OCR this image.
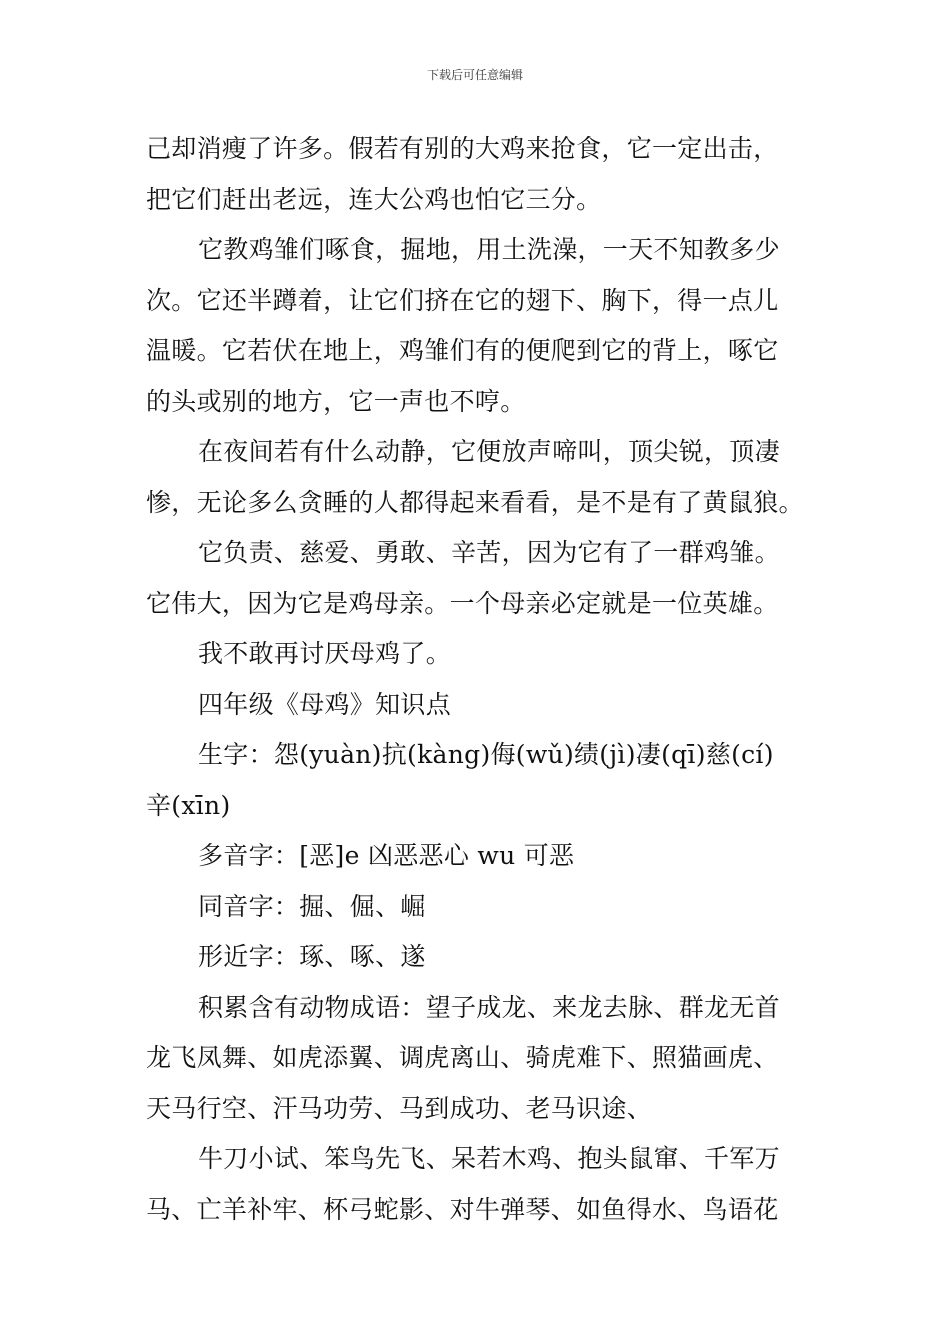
下载后可任意编辑
己却消瘦了许多。假若有别的大鸡来抢食，它一定出击，
把它们赶出老远，连大公鸡也怕它三分。
它教鸡雏们啄食，掘地，用土洗澡，一天不知教多少
次。它还半蹲着，让它们挤在它的翅下、胸下，得一点儿
温暖。它若伏在地上，鸡雏们有的便爬到它的背上，啄它
的头或别的地方，它一声也不哼。
在夜间若有什么动静，它便放声啼叫，顶尖锐，顶凄
惨，无论多么贪睡的人都得起来看看，是不是有了黄鼠狼。
它负责、慈爱、勇敢、辛苦，因为它有了一群鸡雏。
它伟大，因为它是鸡母亲。一个母亲必定就是一位英雄。
我不敢再讨厌母鸡了。
四年级《母鸡》知识点
生字：怨(yuàn)抗(kàng)侮(wǔ)绩(jì)凄(qī)慈(cí)
辛(xīn)
多音字：[恶]e 凶恶恶心 wu 可恶
同音字：掘、倔、崛
形近字：琢、啄、遂
积累含有动物成语：望子成龙、来龙去脉、群龙无首
龙飞凤舞、如虎添翼、调虎离山、骑虎难下、照猫画虎、
天马行空、汗马功劳、马到成功、老马识途、
牛刀小试、笨鸟先飞、呆若木鸡、抱头鼠窜、千军万
马、亡羊补牢、杯弓蛇影、对牛弹琴、如鱼得水、鸟语花
